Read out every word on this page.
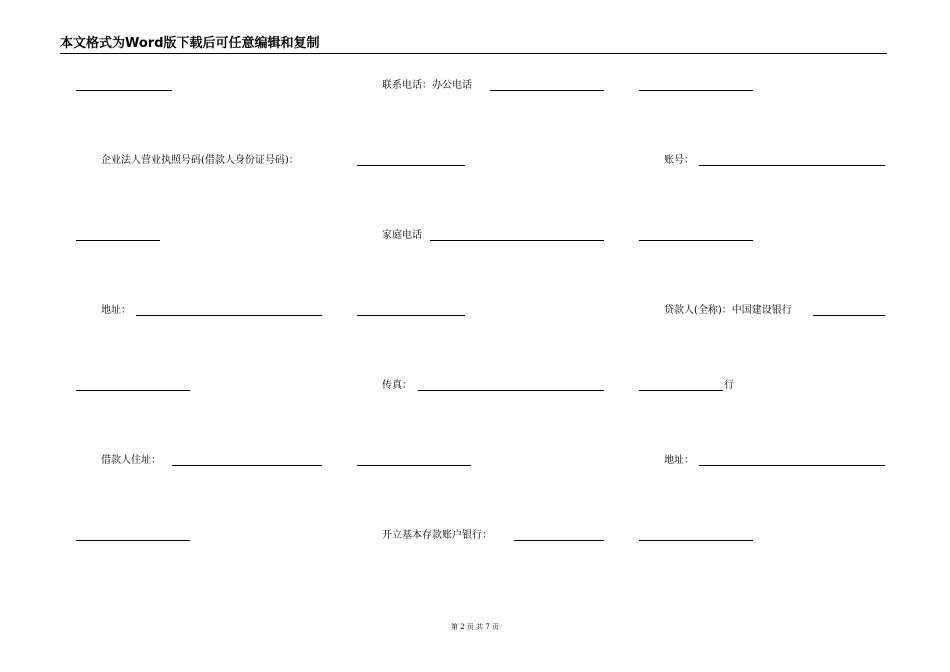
本文格式为Word版下载后可任意编辑和复制
联系电话：办公电话
企业法人营业执照号码(借款人身份证号码)：	账号：
家庭电话
地址：	贷款人(全称)：中国建设银行
传真：	行
借款人住址：	地址：
开立基本存款账户银行：
第 2 页 共 7 页
